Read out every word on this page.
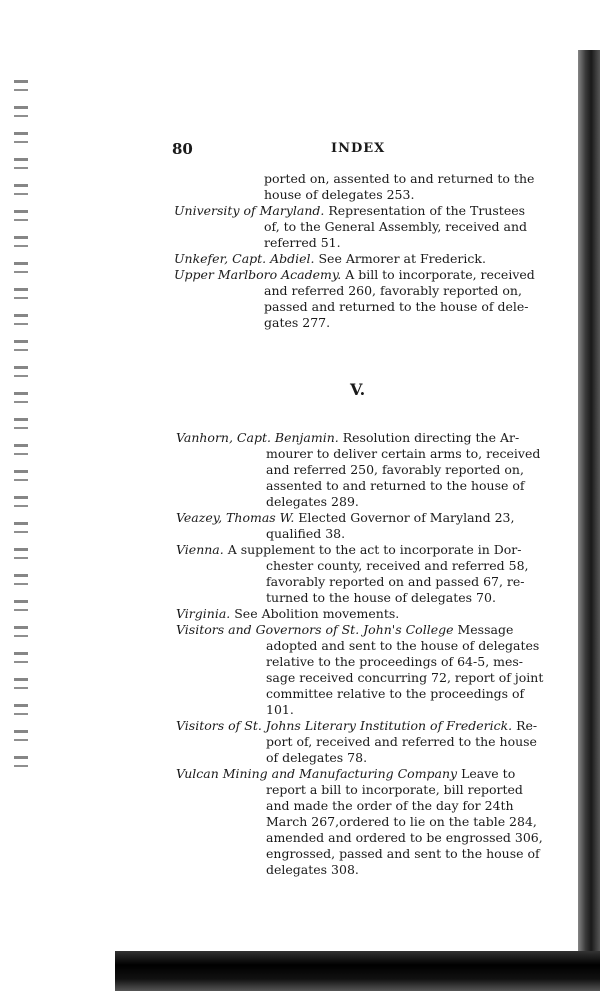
80	INDEX
V.
ported on, assented to and returned to the
house of delegates 253.
University of Maryland. Representation of the Trustees
of, to the General Assembly, received and
referred 51.
Unkefer, Capt. Abdiel. See Armorer at Frederick.
Upper Marlboro Academy. A bill to incorporate, received
and referred 260, favorably reported on,
passed and returned to the house of dele-
gates 277.
Vanhorn, Capt. Benjamin. Resolution directing the Ar-
mourer to deliver certain arms to, received
and referred 250, favorably reported on,
assented to and returned to the house of
delegates 289.
Veazey, Thomas W. Elected Governor of Maryland 23,
qualified 38.
Vienna. A supplement to the act to incorporate in Dor-
chester county, received and referred 58,
favorably reported on and passed 67, re-
turned to the house of delegates 70.
Virginia. See Abolition movements.
Visitors and Governors of St. John's College Message
adopted and sent to the house of delegates
relative to the proceedings of 64-5, mes-
sage received concurring 72, report of joint
committee relative to the proceedings of
101.
Visitors of St. Johns Literary Institution of Frederick. Re-
port of, received and referred to the house
of delegates 78.
Vulcan Mining and Manufacturing Company Leave to
report a bill to incorporate, bill reported
and made the order of the day for 24th
March 267,ordered to lie on the table 284,
amended and ordered to be engrossed 306,
engrossed, passed and sent to the house of
delegates 308.
